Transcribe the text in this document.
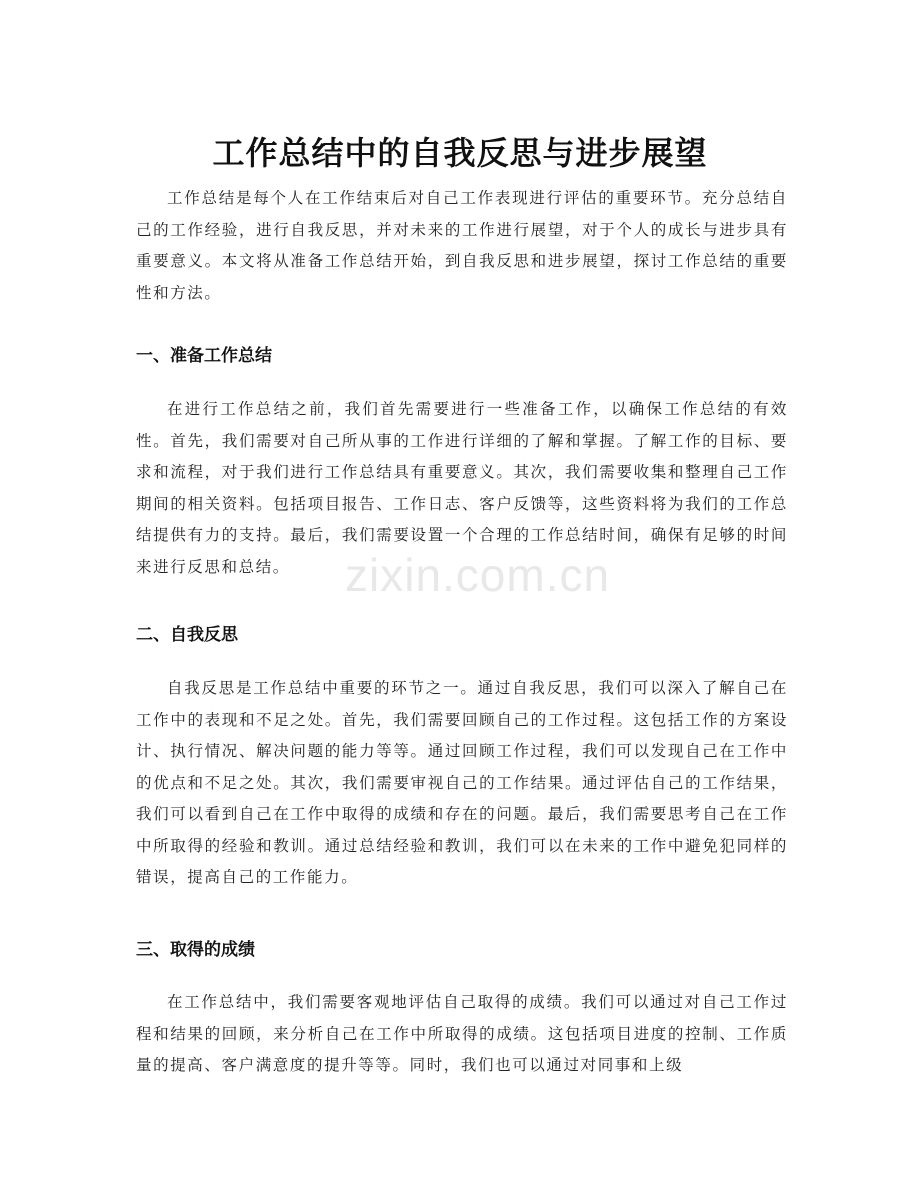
工作总结中的自我反思与进步展望

工作总结是每个人在工作结束后对自己工作表现进行评估的重要环节。充分总结自己的工作经验，进行自我反思，并对未来的工作进行展望，对于个人的成长与进步具有重要意义。本文将从准备工作总结开始，到自我反思和进步展望，探讨工作总结的重要性和方法。

一、准备工作总结

在进行工作总结之前，我们首先需要进行一些准备工作，以确保工作总结的有效性。首先，我们需要对自己所从事的工作进行详细的了解和掌握。了解工作的目标、要求和流程，对于我们进行工作总结具有重要意义。其次，我们需要收集和整理自己工作期间的相关资料。包括项目报告、工作日志、客户反馈等，这些资料将为我们的工作总结提供有力的支持。最后，我们需要设置一个合理的工作总结时间，确保有足够的时间来进行反思和总结。

二、自我反思

自我反思是工作总结中重要的环节之一。通过自我反思，我们可以深入了解自己在工作中的表现和不足之处。首先，我们需要回顾自己的工作过程。这包括工作的方案设计、执行情况、解决问题的能力等等。通过回顾工作过程，我们可以发现自己在工作中的优点和不足之处。其次，我们需要审视自己的工作结果。通过评估自己的工作结果，我们可以看到自己在工作中取得的成绩和存在的问题。最后，我们需要思考自己在工作中所取得的经验和教训。通过总结经验和教训，我们可以在未来的工作中避免犯同样的错误，提高自己的工作能力。

三、取得的成绩

在工作总结中，我们需要客观地评估自己取得的成绩。我们可以通过对自己工作过程和结果的回顾，来分析自己在工作中所取得的成绩。这包括项目进度的控制、工作质量的提高、客户满意度的提升等等。同时，我们也可以通过对同事和上级

zixin.com.cn
